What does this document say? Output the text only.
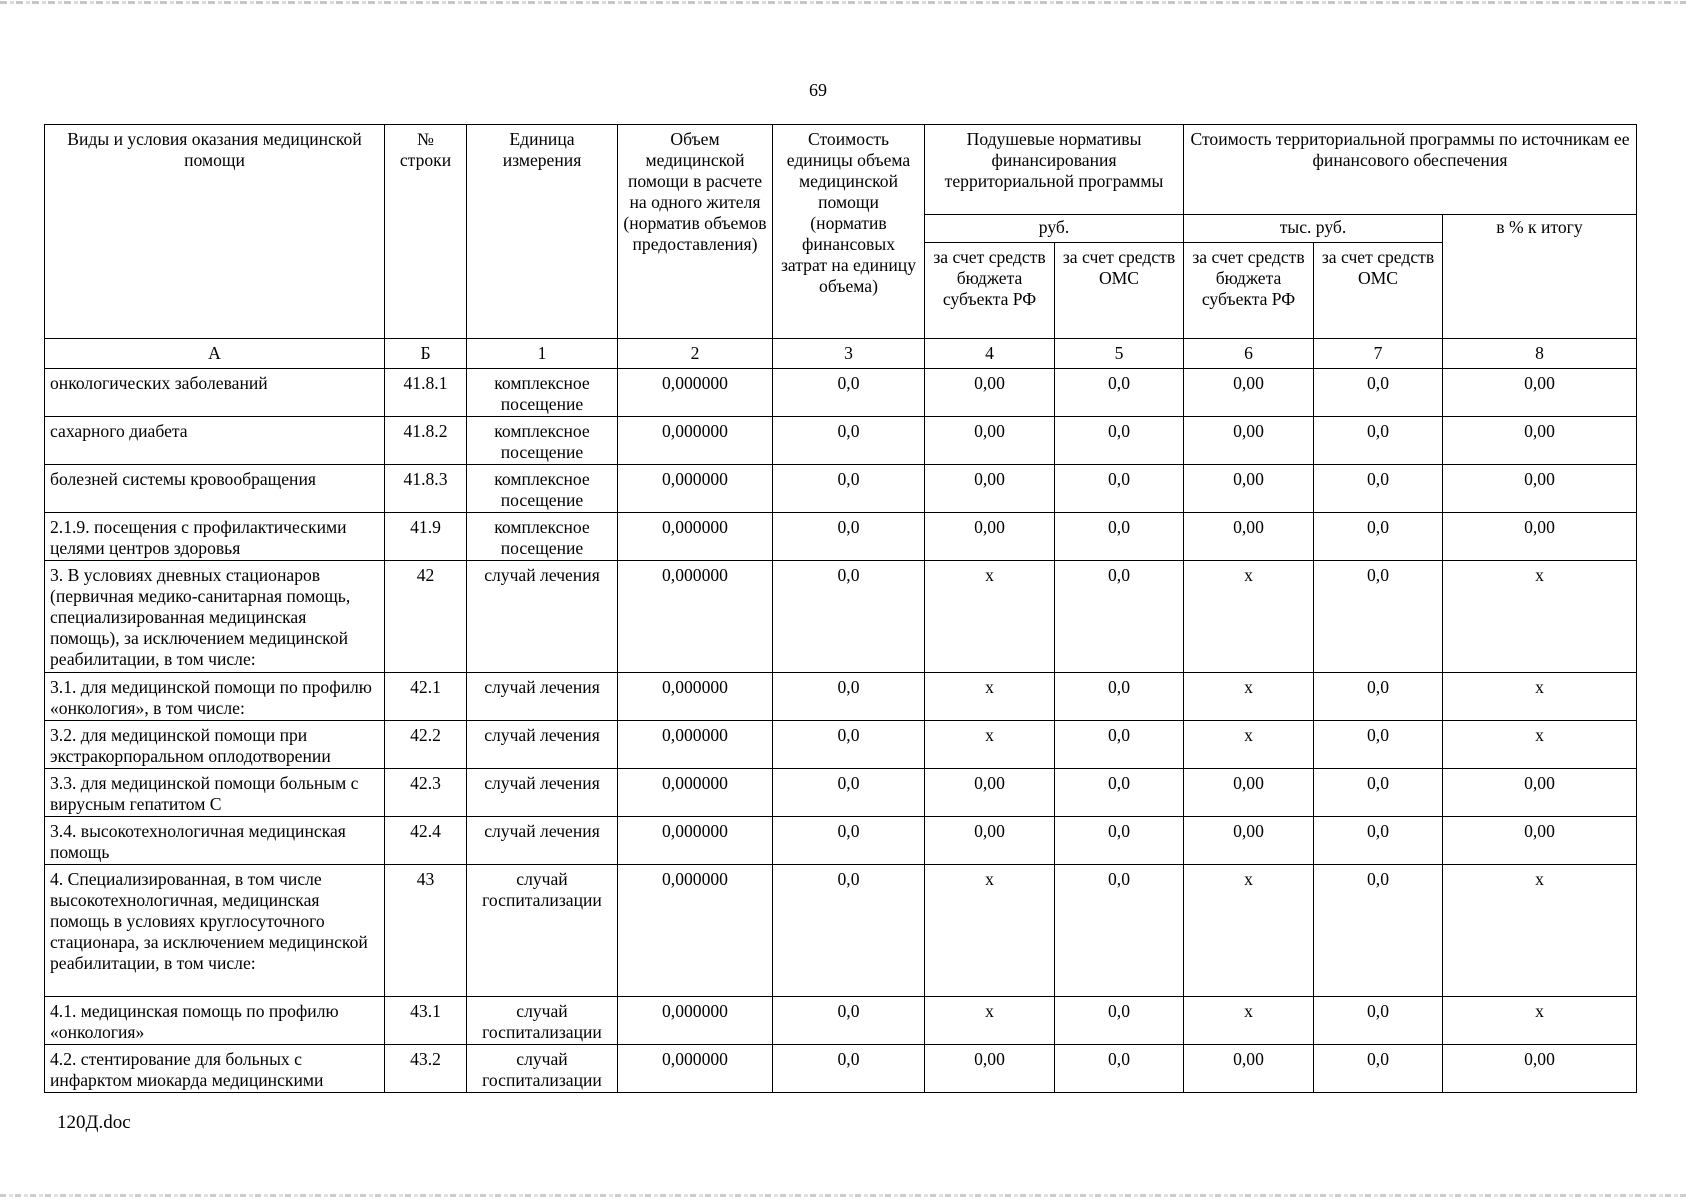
69
Виды и условия оказания медицинской помощи	№ строки	Единица измерения	Объем медицинской помощи в расчете на одного жителя (норматив объемов предоставления)	Стоимость единицы объема медицинской помощи (норматив финансовых затрат на единицу объема)	Подушевые нормативы финансирования территориальной программы		Стоимость территориальной программы по источникам ее финансового обеспечения		
					руб.		тыс. руб.		в % к итогу
					за счет средств бюджета субъекта РФ	за счет средств ОМС	за счет средств бюджета субъекта РФ	за счет средств ОМС	
А	Б	1	2	3	4	5	6	7	8
онкологических заболеваний	41.8.1	комплексное посещение	0,000000	0,0	0,00	0,0	0,00	0,0	0,00
сахарного диабета	41.8.2	комплексное посещение	0,000000	0,0	0,00	0,0	0,00	0,0	0,00
болезней системы кровообращения	41.8.3	комплексное посещение	0,000000	0,0	0,00	0,0	0,00	0,0	0,00
2.1.9. посещения с профилактическими целями центров здоровья	41.9	комплексное посещение	0,000000	0,0	0,00	0,0	0,00	0,0	0,00
3. В условиях дневных стационаров (первичная медико-санитарная помощь, специализированная медицинская помощь), за исключением медицинской реабилитации, в том числе:	42	случай лечения	0,000000	0,0	х	0,0	х	0,0	х
3.1. для медицинской помощи по профилю «онкология», в том числе:	42.1	случай лечения	0,000000	0,0	х	0,0	х	0,0	х
3.2. для медицинской помощи при экстракорпоральном оплодотворении	42.2	случай лечения	0,000000	0,0	х	0,0	х	0,0	х
3.3. для медицинской помощи больным с вирусным гепатитом С	42.3	случай лечения	0,000000	0,0	0,00	0,0	0,00	0,0	0,00
3.4. высокотехнологичная медицинская помощь	42.4	случай лечения	0,000000	0,0	0,00	0,0	0,00	0,0	0,00
4. Специализированная, в том числе высокотехнологичная, медицинская помощь в условиях круглосуточного стационара, за исключением медицинской реабилитации, в том числе:	43	случай госпитализации	0,000000	0,0	х	0,0	х	0,0	х
4.1. медицинская помощь по профилю «онкология»	43.1	случай госпитализации	0,000000	0,0	х	0,0	х	0,0	х
4.2. стентирование для больных с инфарктом миокарда медицинскими	43.2	случай госпитализации	0,000000	0,0	0,00	0,0	0,00	0,0	0,00
120Д.doc
